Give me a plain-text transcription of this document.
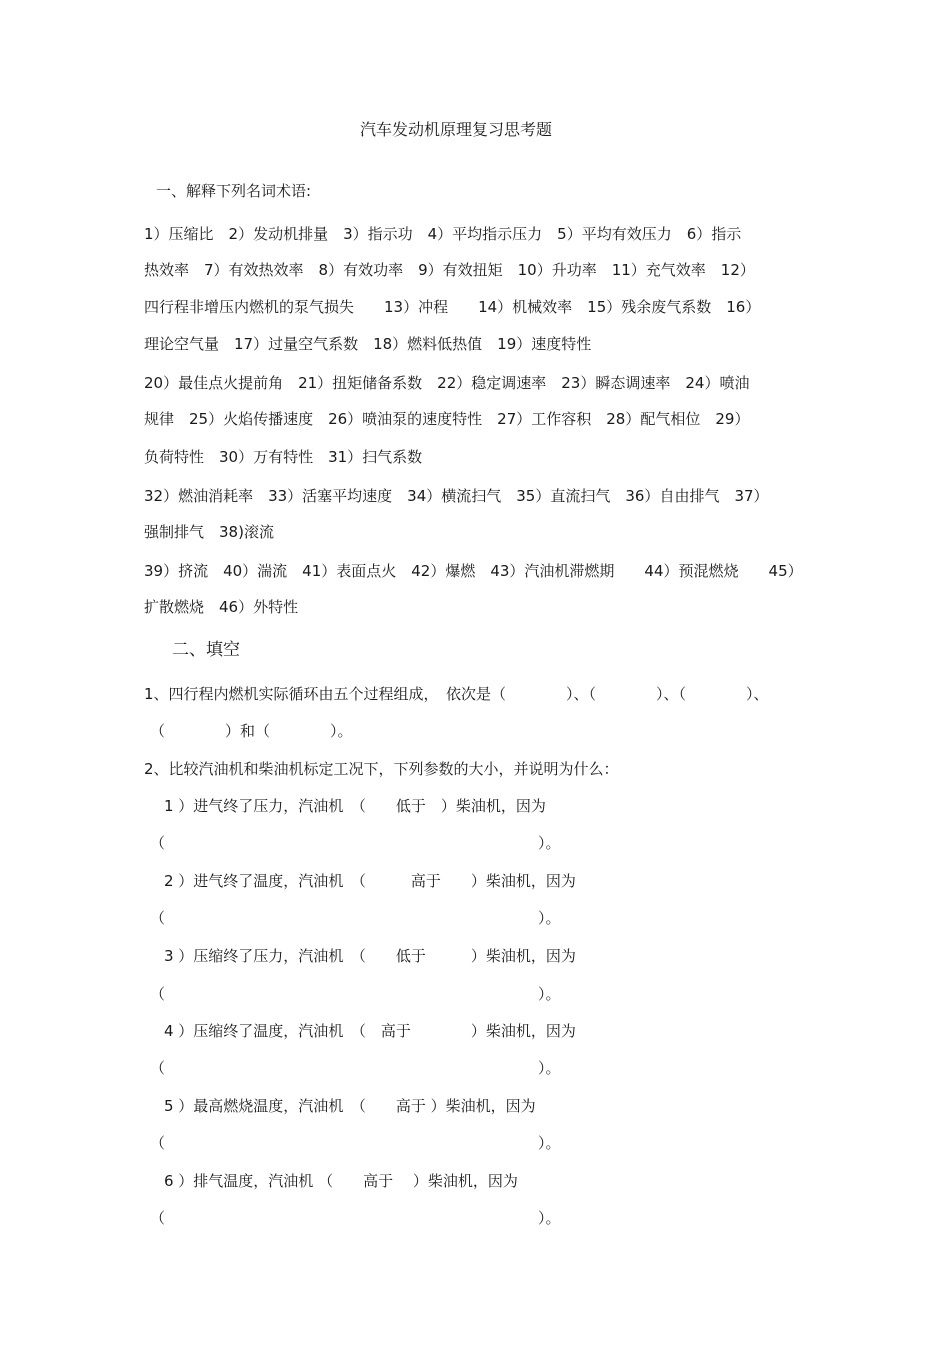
汽车发动机原理复习思考题
一、解释下列名词术语:
1）压缩比　2）发动机排量　3）指示功　4）平均指示压力　5）平均有效压力　6）指示
热效率　7）有效热效率　8）有效功率　9）有效扭矩　10）升功率　11）充气效率　12）
四行程非增压内燃机的泵气损失　　13）冲程　　14）机械效率　15）残余废气系数　16）
理论空气量　17）过量空气系数　18）燃料低热值　19）速度特性
20）最佳点火提前角　21）扭矩储备系数　22）稳定调速率　23）瞬态调速率　24）喷油
规律　25）火焰传播速度　26）喷油泵的速度特性　27）工作容积　28）配气相位　29）
负荷特性　30）万有特性　31）扫气系数
32）燃油消耗率　33）活塞平均速度　34）横流扫气　35）直流扫气　36）自由排气　37）
强制排气　38)滚流
39）挤流　40）湍流　41）表面点火　42）爆燃　43）汽油机滞燃期　　44）预混燃烧　　45）
扩散燃烧　46）外特性
二、填空
1、四行程内燃机实际循环由五个过程组成，　依次是（　　　　）、（　　　　）、（　　　　）、
（　　　　）和（　　　　）。
2、比较汽油机和柴油机标定工况下，下列参数的大小，并说明为什么：
1 ）进气终了压力，汽油机　（　　低于　）柴油机，因为
（	）。
2 ）进气终了温度，汽油机　（　　　高于　　）柴油机，因为
（	）。
3 ）压缩终了压力，汽油机　（　　低于　　　）柴油机，因为
（	）。
4 ）压缩终了温度，汽油机　（　高于　　　　）柴油机，因为
（	）。
5 ）最高燃烧温度，汽油机　（　　高于 ）柴油机，因为
（	）。
6 ）排气温度，汽油机 （　　高于　 ）柴油机，因为
（	）。
